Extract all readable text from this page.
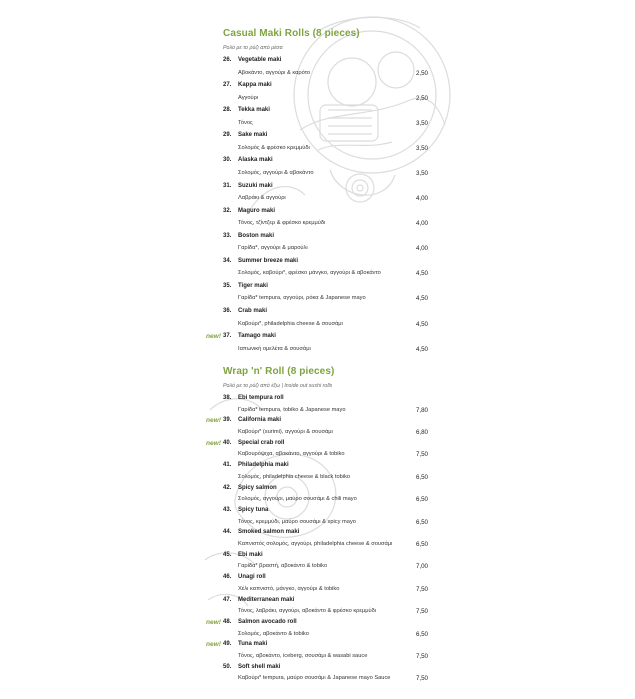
Casual Maki Rolls (8 pieces)
Ρολό με το ρύζι από μέσα
26. Vegetable maki
Αβοκάντο, αγγούρι & καρότο	2,50
27. Kappa maki
Αγγούρι	2,50
28. Tekka maki
Τόνος	3,50
29. Sake maki
Σολομός & φρέσκο κρεμμύδι	3,50
30. Alaska maki
Σολομός, αγγούρι & αβοκάντο	3,50
31. Suzuki maki
Λαβράκι & αγγούρι	4,00
32. Maguro maki
Τόνος, τζίντζερ & φρέσκο κρεμμύδι	4,00
33. Boston maki
Γαρίδα*, αγγούρι & μαρούλι	4,00
34. Summer breeze maki
Σολομός, καβούρι*, φρέσκο μάνγκο, αγγούρι & αβοκάντο	4,50
35. Tiger maki
Γαρίδα* tempura, αγγούρι, ρόκα & Japanese mayo	4,50
36. Crab maki
Καβούρι*, philadelphia cheese & σουσάμι	4,50
new! 37. Tamago maki
Ιαπωνική ομελέτα & σουσάμι	4,50
Wrap 'n' Roll (8 pieces)
Ρολό με το ρύζι από έξω | Inside out sushi rolls
38. Ebi tempura roll
Γαρίδα* tempura, tobiko & Japanese mayo	7,80
new! 39. California maki
Καβούρι* (surimi), αγγούρι & σουσάμι	6,80
new! 40. Special crab roll
Καβουρόψιχα, αβοκάντο, αγγούρι & tobiko	7,50
41. Philadelphia maki
Σολομός, philadelphia cheese & black tobiko	6,50
42. Spicy salmon
Σολομός, αγγούρι, μαύρο σουσάμι & chili mayo	6,50
43. Spicy tuna
Τόνος, κρεμμύδι, μαύρο σουσάμι & spicy mayo	6,50
44. Smoked salmon maki
Καπνιστός σολομός, αγγούρι, philadelphia cheese & σουσάμι	6,50
45. Ebi maki
Γαρίδα* βραστή, αβοκάντο & tobiko	7,00
46. Unagi roll
Χέλι καπνιστό, μάνγκο, αγγούρι & tobiko	7,50
47. Mediterranean maki
Τόνος, λαβράκι, αγγούρι, αβοκάντο & φρέσκο κρεμμύδι	7,50
new! 48. Salmon avocado roll
Σολομός, αβοκάντο & tobiko	6,50
new! 49. Tuna maki
Τόνος, αβοκάντο, iceberg, σουσάμι & wasabi sauce	7,50
50. Soft shell maki
Καβούρι* tempura, μαύρο σουσάμι & Japanese mayo Sauce	7,50
